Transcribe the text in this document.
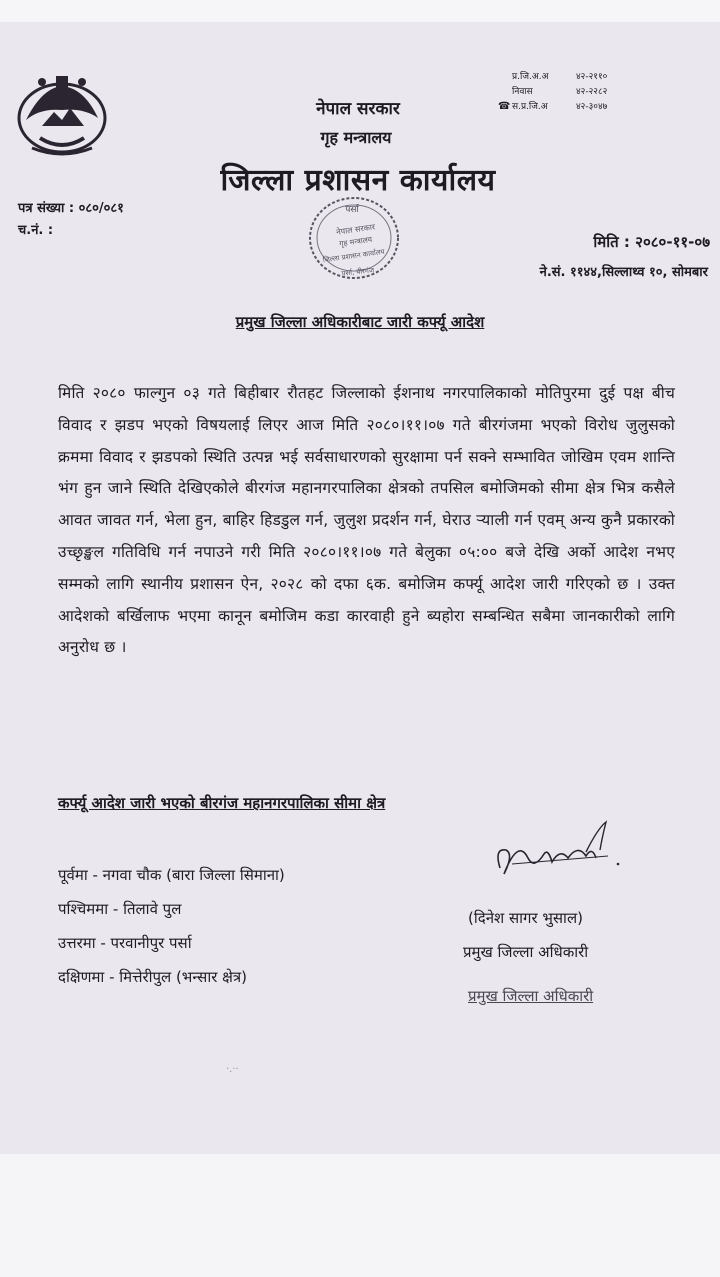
नेपाल सरकार
गृह मन्त्रालय
जिल्ला प्रशासन कार्यालय
☎
प्र.जि.अ.अ	४२-२११०
निवास	४२-२२८२
स.प्र.जि.अ	४२-३०४७
पत्र संख्या : ०८०/०८१
च.नं. :
पर्सा
नेपाल सरकार
गृह मन्त्रालय
जिल्ला प्रशासन कार्यालय
पर्सा, वीरगंज
मिति : २०८०-११-०७
ने.सं. ११४४,सिल्लाथ्व १०, सोमबार
प्रमुख जिल्ला अधिकारीबाट जारी कर्फ्यू आदेश
मिति २०८० फाल्गुन ०३ गते बिहीबार रौतहट जिल्लाको ईशनाथ नगरपालिकाको मोतिपुरमा दुई पक्ष बीच विवाद र झडप भएको विषयलाई लिएर आज मिति २०८०।११।०७ गते बीरगंजमा भएको विरोध जुलुसको क्रममा विवाद र झडपको स्थिति उत्पन्न भई सर्वसाधारणको सुरक्षामा पर्न सक्ने सम्भावित जोखिम एवम शान्ति भंग हुन जाने स्थिति देखिएकोले बीरगंज महानगरपालिका क्षेत्रको तपसिल बमोजिमको सीमा क्षेत्र भित्र कसैले आवत जावत गर्न, भेला हुन, बाहिर हिडडुल गर्न, जुलुश प्रदर्शन गर्न, घेराउ ऱ्याली गर्न एवम् अन्य कुनै प्रकारको उच्छृङ्खल गतिविधि गर्न नपाउने गरी मिति २०८०।११।०७ गते बेलुका ०५:०० बजे देखि अर्को आदेश नभए सम्मको लागि स्थानीय प्रशासन ऐन, २०२८ को दफा ६क. बमोजिम कर्फ्यू आदेश जारी गरिएको छ । उक्त आदेशको बर्खिलाफ भएमा कानून बमोजिम कडा कारवाही हुने ब्यहोरा सम्बन्धित सबैमा जानकारीको लागि अनुरोध छ ।
कर्फ्यू आदेश जारी भएको बीरगंज महानगरपालिका सीमा क्षेत्र
पूर्वमा - नगवा चौक (बारा जिल्ला सिमाना)
पश्चिममा - तिलावे पुल
उत्तरमा - परवानीपुर पर्सा
दक्षिणमा - मित्तेरीपुल (भन्सार क्षेत्र)
(दिनेश सागर भुसाल)
प्रमुख जिल्ला अधिकारी
प्रमुख जिल्ला अधिकारी
·.··
